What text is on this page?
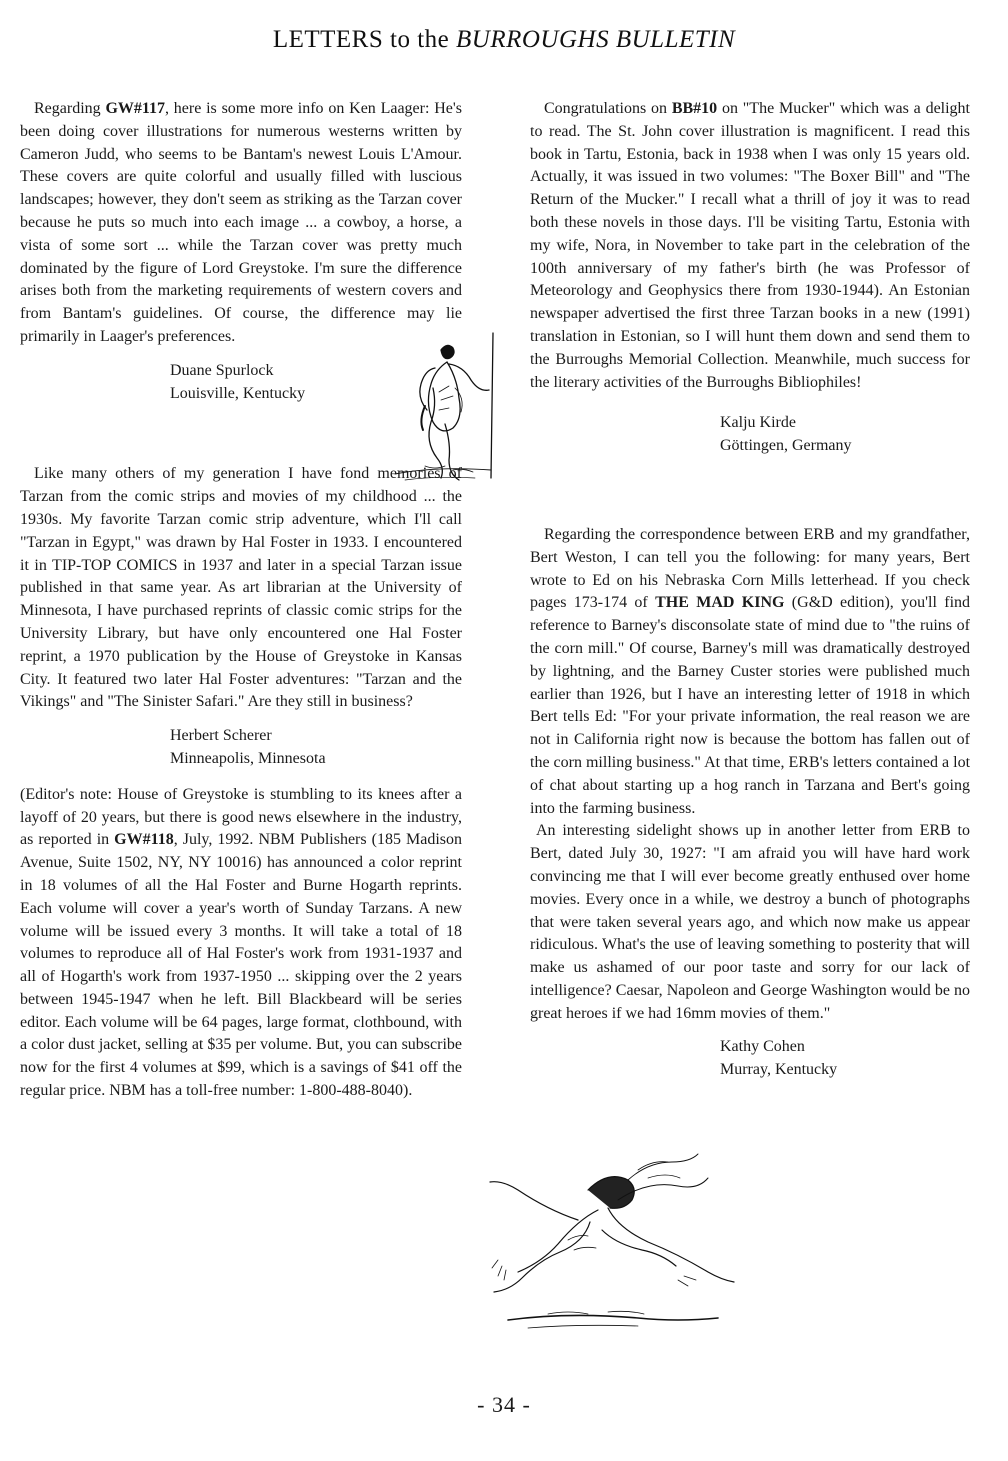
LETTERS to the BURROUGHS BULLETIN

Regarding GW#117, here is some more info on Ken Laager: He's been doing cover illustrations for numerous westerns written by Cameron Judd, who seems to be Bantam's newest Louis L'Amour. These covers are quite colorful and usually filled with luscious landscapes; however, they don't seem as striking as the Tarzan cover because he puts so much into each image ... a cowboy, a horse, a vista of some sort ... while the Tarzan cover was pretty much dominated by the figure of Lord Greystoke. I'm sure the difference arises both from the marketing requirements of western covers and from Bantam's guidelines. Of course, the difference may lie primarily in Laager's preferences.

Duane Spurlock
Louisville, Kentucky

Like many others of my generation I have fond memories of Tarzan from the comic strips and movies of my childhood ... the 1930s. My favorite Tarzan comic strip adventure, which I'll call "Tarzan in Egypt," was drawn by Hal Foster in 1933. I encountered it in TIP-TOP COMICS in 1937 and later in a special Tarzan issue published in that same year. As art librarian at the University of Minnesota, I have purchased reprints of classic comic strips for the University Library, but have only encountered one Hal Foster reprint, a 1970 publication by the House of Greystoke in Kansas City. It featured two later Hal Foster adventures: "Tarzan and the Vikings" and "The Sinister Safari." Are they still in business?

Herbert Scherer
Minneapolis, Minnesota

(Editor's note: House of Greystoke is stumbling to its knees after a layoff of 20 years, but there is good news elsewhere in the industry, as reported in GW#118, July, 1992. NBM Publishers (185 Madison Avenue, Suite 1502, NY, NY 10016) has announced a color reprint in 18 volumes of all the Hal Foster and Burne Hogarth reprints. Each volume will cover a year's worth of Sunday Tarzans. A new volume will be issued every 3 months. It will take a total of 18 volumes to reproduce all of Hal Foster's work from 1931-1937 and all of Hogarth's work from 1937-1950 ... skipping over the 2 years between 1945-1947 when he left. Bill Blackbeard will be series editor. Each volume will be 64 pages, large format, clothbound, with a color dust jacket, selling at $35 per volume. But, you can subscribe now for the first 4 volumes at $99, which is a savings of $41 off the regular price. NBM has a toll-free number: 1-800-488-8040).

Congratulations on BB#10 on "The Mucker" which was a delight to read. The St. John cover illustration is magnificent. I read this book in Tartu, Estonia, back in 1938 when I was only 15 years old. Actually, it was issued in two volumes: "The Boxer Bill" and "The Return of the Mucker." I recall what a thrill of joy it was to read both these novels in those days. I'll be visiting Tartu, Estonia with my wife, Nora, in November to take part in the celebration of the 100th anniversary of my father's birth (he was Professor of Meteorology and Geophysics there from 1930-1944). An Estonian newspaper advertised the first three Tarzan books in a new (1991) translation in Estonian, so I will hunt them down and send them to the Burroughs Memorial Collection. Meanwhile, much success for the literary activities of the Burroughs Bibliophiles!

Kalju Kirde
Göttingen, Germany

Regarding the correspondence between ERB and my grandfather, Bert Weston, I can tell you the following: for many years, Bert wrote to Ed on his Nebraska Corn Mills letterhead. If you check pages 173-174 of THE MAD KING (G&D edition), you'll find reference to Barney's disconsolate state of mind due to "the ruins of the corn mill." Of course, Barney's mill was dramatically destroyed by lightning, and the Barney Custer stories were published much earlier than 1926, but I have an interesting letter of 1918 in which Bert tells Ed: "For your private information, the real reason we are not in California right now is because the bottom has fallen out of the corn milling business." At that time, ERB's letters contained a lot of chat about starting up a hog ranch in Tarzana and Bert's going into the farming business.

An interesting sidelight shows up in another letter from ERB to Bert, dated July 30, 1927: "I am afraid you will have hard work convincing me that I will ever become greatly enthused over home movies. Every once in a while, we destroy a bunch of photographs that were taken several years ago, and which now make us appear ridiculous. What's the use of leaving something to posterity that will make us ashamed of our poor taste and sorry for our lack of intelligence? Caesar, Napoleon and George Washington would be no great heroes if we had 16mm movies of them."

Kathy Cohen
Murray, Kentucky
- 34 -
